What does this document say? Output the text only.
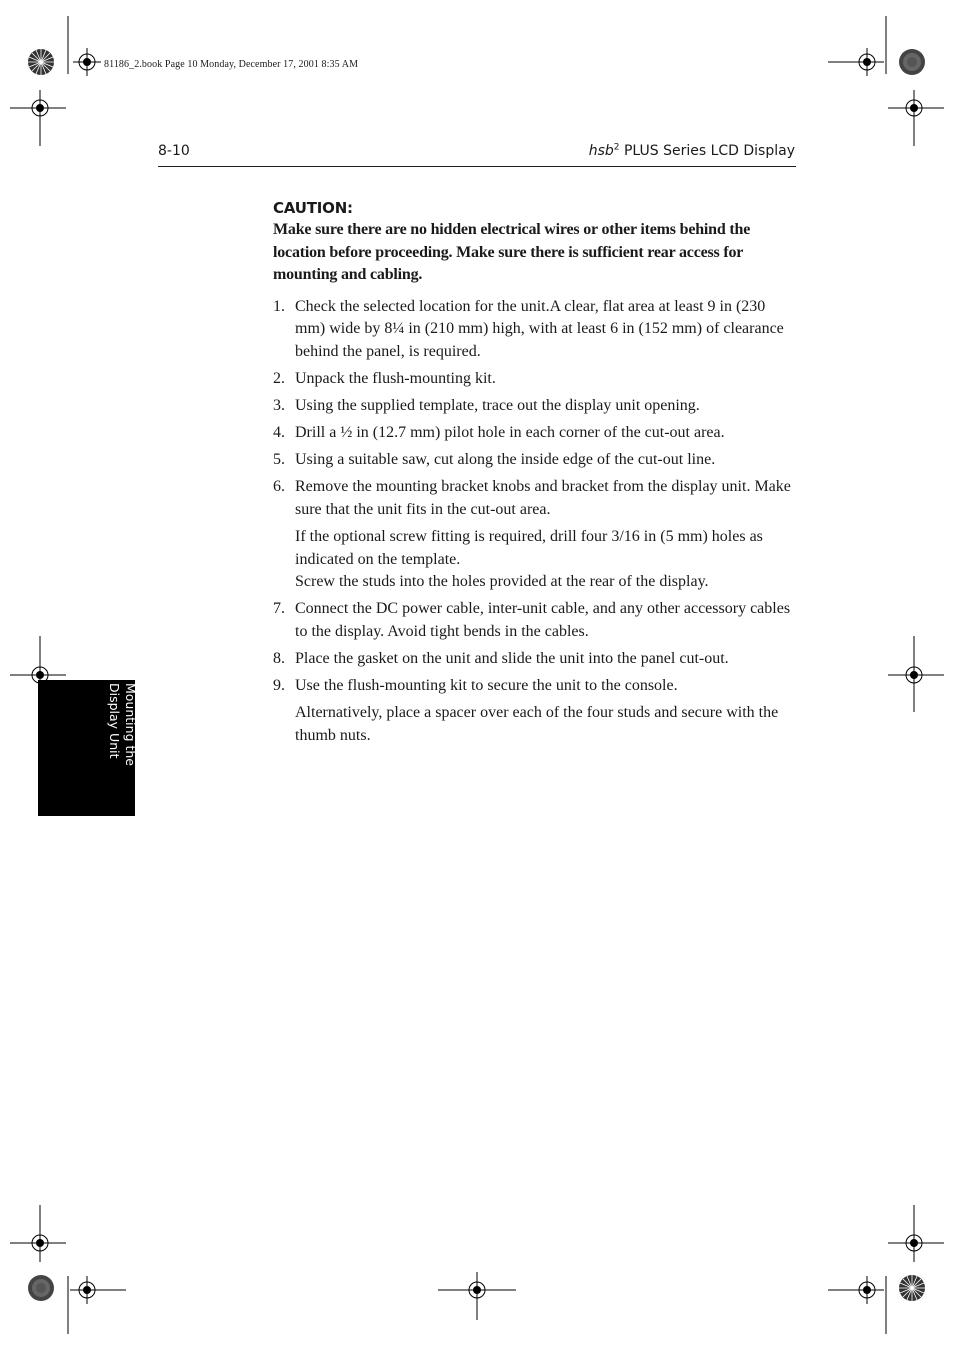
81186_2.book Page 10 Monday, December 17, 2001 8:35 AM
8-10	hsb$^2$ PLUS Series LCD Display
Mounting the Display Unit
CAUTION:

Make sure there are no hidden electrical wires or other items behind the location before proceeding. Make sure there is sufficient rear access for mounting and cabling.

1. Check the selected location for the unit.A clear, flat area at least 9 in (230 mm) wide by 8¼ in (210 mm) high, with at least 6 in (152 mm) of clearance behind the panel, is required.
2. Unpack the flush-mounting kit.
3. Using the supplied template, trace out the display unit opening.
4. Drill a ½ in (12.7 mm) pilot hole in each corner of the cut-out area.
5. Using a suitable saw, cut along the inside edge of the cut-out line.
6. Remove the mounting bracket knobs and bracket from the display unit. Make sure that the unit fits in the cut-out area.
If the optional screw fitting is required, drill four 3/16 in (5 mm) holes as indicated on the template.
Screw the studs into the holes provided at the rear of the display.
7. Connect the DC power cable, inter-unit cable, and any other accessory cables to the display. Avoid tight bends in the cables.
8. Place the gasket on the unit and slide the unit into the panel cut-out.
9. Use the flush-mounting kit to secure the unit to the console.
Alternatively, place a spacer over each of the four studs and secure with the thumb nuts.
